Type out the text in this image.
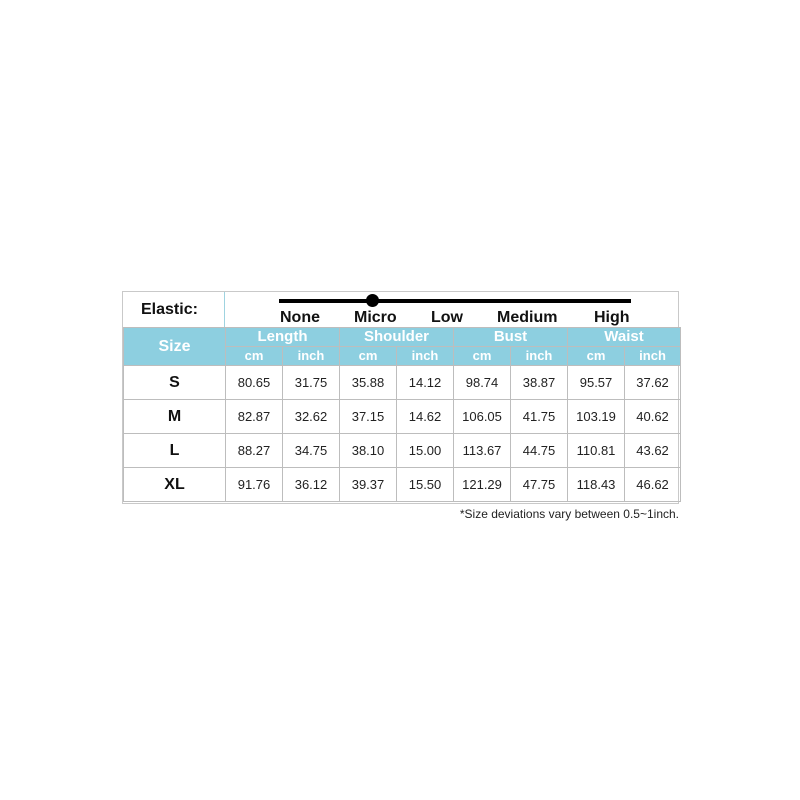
Elastic:	None Micro Low Medium High
Size	Length		Shoulder		Bust		Waist	
	cm	inch	cm	inch	cm	inch	cm	inch
S	80.65	31.75	35.88	14.12	98.74	38.87	95.57	37.62
M	82.87	32.62	37.15	14.62	106.05	41.75	103.19	40.62
L	88.27	34.75	38.10	15.00	113.67	44.75	110.81	43.62
XL	91.76	36.12	39.37	15.50	121.29	47.75	118.43	46.62
*Size deviations vary between 0.5~1inch.
